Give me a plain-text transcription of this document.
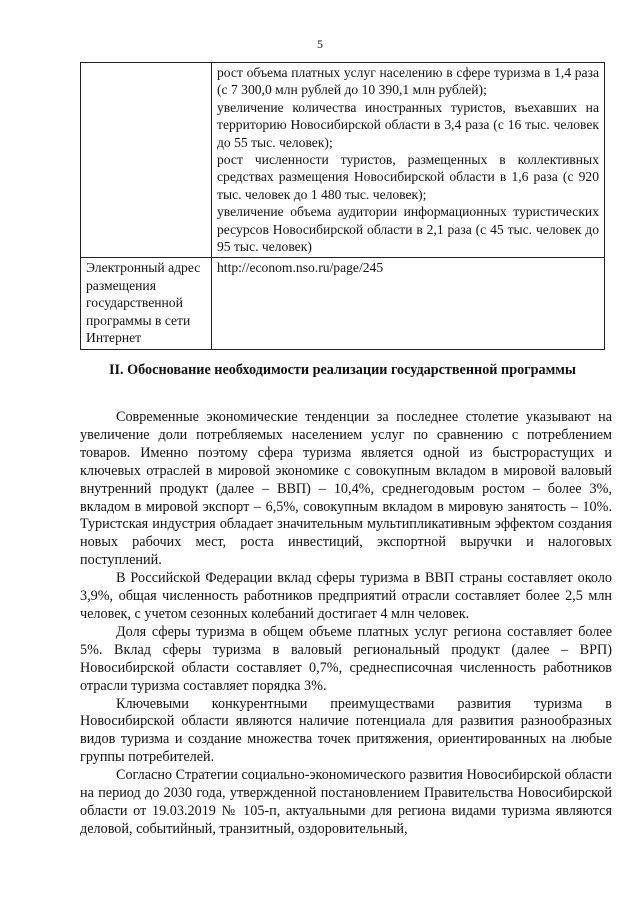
5

	рост объема платных услуг населению в сфере туризма в 1,4 раза (с 7 300,0 млн рублей до 10 390,1 млн рублей);
увеличение количества иностранных туристов, въехавших на территорию Новосибирской области в 3,4 раза (с 16 тыс. человек до 55 тыс. человек);
рост численности туристов, размещенных в коллективных средствах размещения Новосибирской области в 1,6 раза (с 920 тыс. человек до 1 480 тыс. человек);
увеличение объема аудитории информационных туристических ресурсов Новосибирской области в 2,1 раза (с 45 тыс. человек до 95 тыс. человек)

Электронный адрес размещения государственной программы в сети Интернет	http://econom.nso.ru/page/245
II. Обоснование необходимости реализации государственной программы

Современные экономические тенденции за последнее столетие указывают на увеличение доли потребляемых населением услуг по сравнению с потреблением товаров. Именно поэтому сфера туризма является одной из быстрорастущих и ключевых отраслей в мировой экономике с совокупным вкладом в мировой валовый внутренний продукт (далее – ВВП) – 10,4%, среднегодовым ростом – более 3%, вкладом в мировой экспорт – 6,5%, совокупным вкладом в мировую занятость – 10%. Туристская индустрия обладает значительным мультипликативным эффектом создания новых рабочих мест, роста инвестиций, экспортной выручки и налоговых поступлений.

В Российской Федерации вклад сферы туризма в ВВП страны составляет около 3,9%, общая численность работников предприятий отрасли составляет более 2,5 млн человек, с учетом сезонных колебаний достигает 4 млн человек.

Доля сферы туризма в общем объеме платных услуг региона составляет более 5%. Вклад сферы туризма в валовый региональный продукт (далее – ВРП) Новосибирской области составляет 0,7%, среднесписочная численность работников отрасли туризма составляет порядка 3%.

Ключевыми конкурентными преимуществами развития туризма в Новосибирской области являются наличие потенциала для развития разнообразных видов туризма и создание множества точек притяжения, ориентированных на любые группы потребителей.

Согласно Стратегии социально-экономического развития Новосибирской области на период до 2030 года, утвержденной постановлением Правительства Новосибирской области от 19.03.2019 № 105-п, актуальными для региона видами туризма являются деловой, событийный, транзитный, оздоровительный,
